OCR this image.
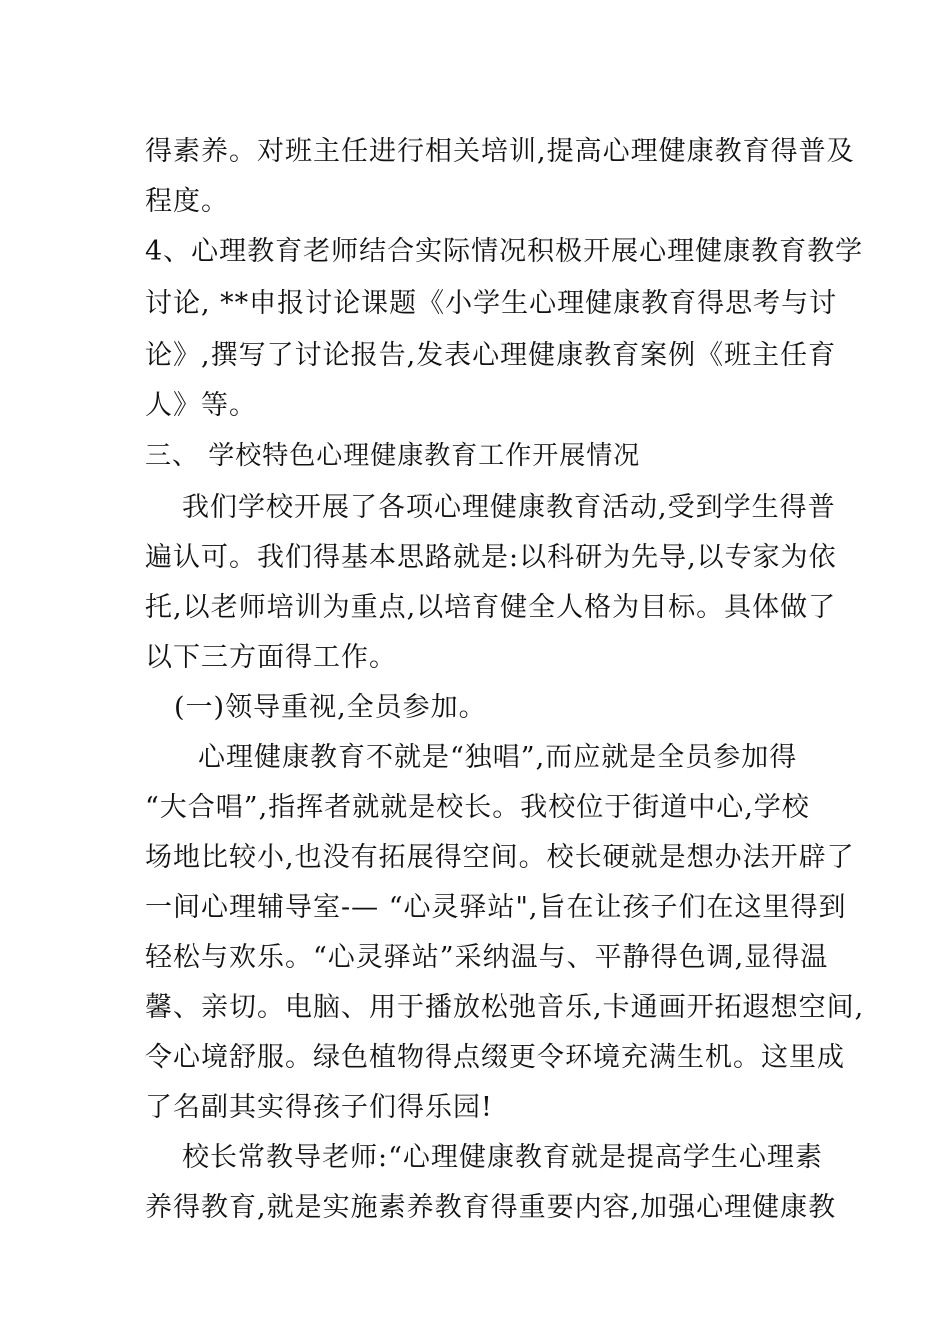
得素养。对班主任进行相关培训,提高心理健康教育得普及
程度。
4、心理教育老师结合实际情况积极开展心理健康教育教学
讨论, **申报讨论课题《小学生心理健康教育得思考与讨
论》,撰写了讨论报告,发表心理健康教育案例《班主任育
人》等。
三、 学校特色心理健康教育工作开展情况
我们学校开展了各项心理健康教育活动,受到学生得普
遍认可。我们得基本思路就是:以科研为先导,以专家为依
托,以老师培训为重点,以培育健全人格为目标。具体做了
以下三方面得工作。
(一)领导重视,全员参加。
心理健康教育不就是“独唱”,而应就是全员参加得
“大合唱”,指挥者就就是校长。我校位于街道中心,学校
场地比较小,也没有拓展得空间。校长硬就是想办法开辟了
一间心理辅导室-— “心灵驿站",旨在让孩子们在这里得到
轻松与欢乐。“心灵驿站”采纳温与、平静得色调,显得温
馨、亲切。电脑、用于播放松弛音乐,卡通画开拓遐想空间,
令心境舒服。绿色植物得点缀更令环境充满生机。这里成
了名副其实得孩子们得乐园!
校长常教导老师:“心理健康教育就是提高学生心理素
养得教育,就是实施素养教育得重要内容,加强心理健康教
